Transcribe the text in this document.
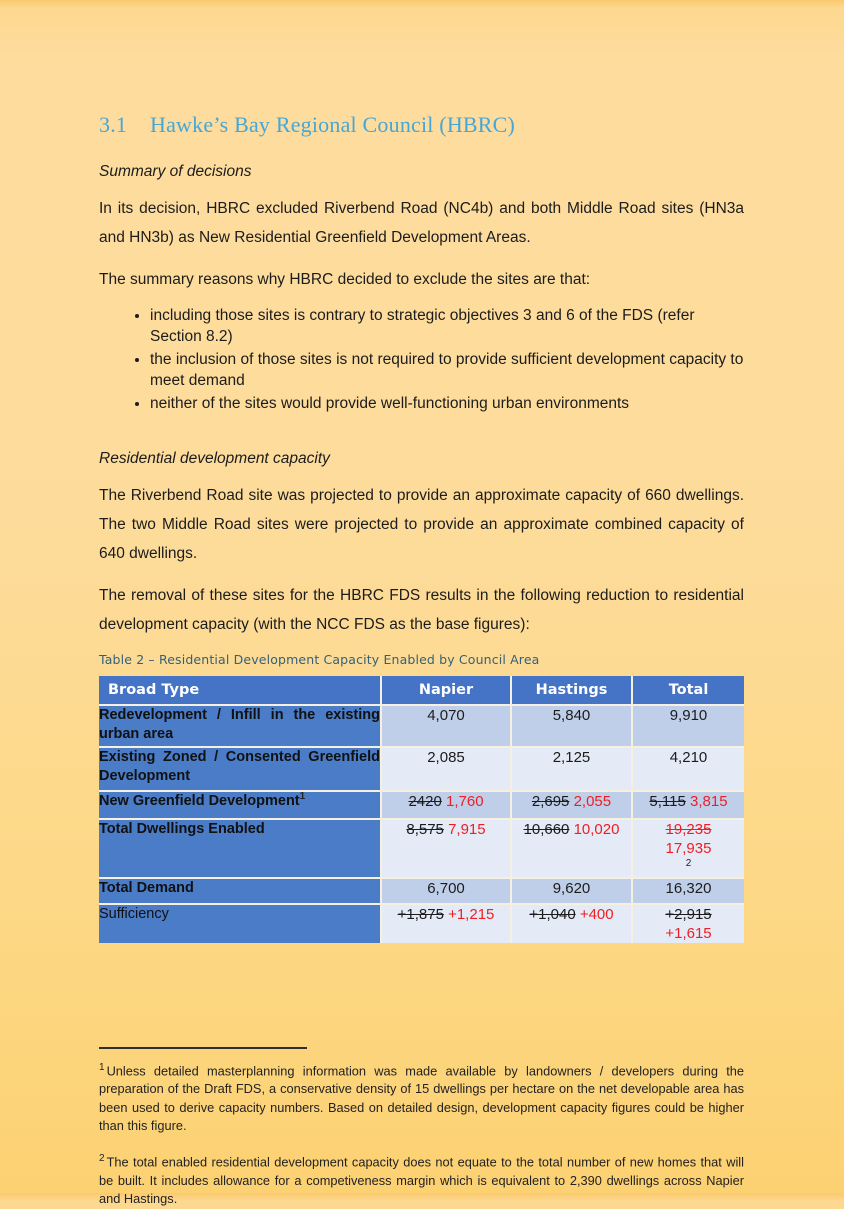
3.1 Hawke’s Bay Regional Council (HBRC)
Summary of decisions
In its decision, HBRC excluded Riverbend Road (NC4b) and both Middle Road sites (HN3a and HN3b) as New Residential Greenfield Development Areas.
The summary reasons why HBRC decided to exclude the sites are that:
• including those sites is contrary to strategic objectives 3 and 6 of the FDS (refer Section 8.2)
• the inclusion of those sites is not required to provide sufficient development capacity to meet demand
• neither of the sites would provide well-functioning urban environments
Residential development capacity
The Riverbend Road site was projected to provide an approximate capacity of 660 dwellings. The two Middle Road sites were projected to provide an approximate combined capacity of 640 dwellings.
The removal of these sites for the HBRC FDS results in the following reduction to residential development capacity (with the NCC FDS as the base figures):
Table 2 – Residential Development Capacity Enabled by Council Area
Broad Type	Napier	Hastings	Total
Redevelopment / Infill in the existing urban area	4,070	5,840	9,910
Existing Zoned / Consented Greenfield Development	2,085	2,125	4,210
New Greenfield Development$^1$	2420 1,760	2,695 2,055	5,115 3,815
Total Dwellings Enabled	8,575 7,915	10,660 10,020	19,235
17,935
$^2$

Total Demand	6,700	9,620	16,320
Sufficiency	+1,875 +1,215	+1,040 +400	+2,915
+1,615
$^1$ Unless detailed masterplanning information was made available by landowners / developers during the preparation of the Draft FDS, a conservative density of 15 dwellings per hectare on the net developable area has been used to derive capacity numbers. Based on detailed design, development capacity figures could be higher than this figure.
$^2$ The total enabled residential development capacity does not equate to the total number of new homes that will be built. It includes allowance for a competiveness margin which is equivalent to 2,390 dwellings across Napier and Hastings.
